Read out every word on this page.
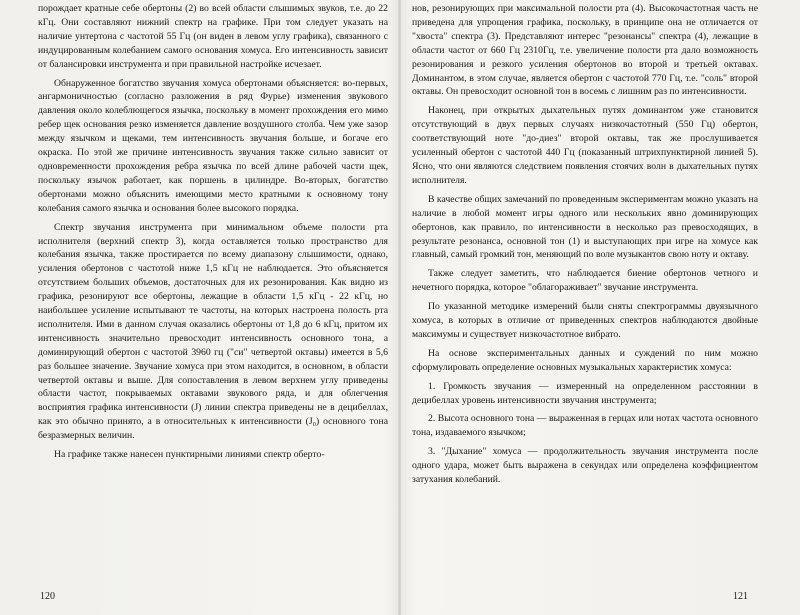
порождает кратные себе обертоны (2) во всей области слышимых звуков, т.е. до 22 кГц. Они составляют нижний спектр на графике. При том следует указать на наличие унтертона с частотой 55 Гц (он виден в левом углу графика), связанного с индуцированным колебанием самого основания хомуса. Его интенсивность зависит от балансировки инструмента и при правильной настройке исчезает.

Обнаруженное богатство звучания хомуса обертонами объясняется: во-первых, ангармоничностью (согласно разложения в ряд Фурье) изменения звукового давления около колеблющегося язычка, поскольку в момент прохождения его мимо ребер щек основания резко изменяется давление воздушного столба. Чем уже зазор между язычком и щеками, тем интенсивность звучания больше, и богаче его окраска. По этой же причине интенсивность звучания также сильно зависит от одновременности прохождения ребра язычка по всей длине рабочей части щек, поскольку язычок работает, как поршень в цилиндре. Во-вторых, богатство обертонами можно объяснить имеющими место кратными к основному тону колебания самого язычка и основания более высокого порядка.

Спектр звучания инструмента при минимальном объеме полости рта исполнителя (верхний спектр 3), когда оставляется только пространство для колебания язычка, также простирается по всему диапазону слышимости, однако, усиления обертонов с частотой ниже 1,5 кГц не наблюдается. Это объясняется отсутствием больших объемов, достаточных для их резонирования. Как видно из графика, резонируют все обертоны, лежащие в области 1,5 кГц - 22 кГц, но наибольшее усиление испытывают те частоты, на которых настроена полость рта исполнителя. Ими в данном случая оказались обертоны от 1,8 до 6 кГц, притом их интенсивность значительно превосходит интенсивность основного тона, а доминирующий обертон с частотой 3960 гц ("си" четвертой октавы) имеется в 5,6 раз большее значение. Звучание хомуса при этом находится, в основном, в области четвертой октавы и выше. Для сопоставления в левом верхнем углу приведены области частот, покрываемых октавами звукового ряда, и для облегчения восприятия графика интенсивности (J) линии спектра приведены не в децибеллах, как это обычно принято, а в относительных к интенсивности (J₀) основного тона безразмерных величин.

На графике также нанесен пунктирными линиями спектр оберто-

120

нов, резонирующих при максимальной полости рта (4). Высокочастотная часть не приведена для упрощения графика, поскольку, в принципе она не отличается от "хвоста" спектра (3). Представляют интерес "резонансы" спектра (4), лежащие в области частот от 660 Гц 2310Гц, т.е. увеличение полости рта дало возможность резонирования и резкого усиления обертонов во второй и третьей октавах. Доминантом, в этом случае, является обертон с частотой 770 Гц, т.е. "соль" второй октавы. Он превосходит основной тон в восемь с лишним раз по интенсивности.

Наконец, при открытых дыхательных путях доминантом уже становится отсутствующий в двух первых случаях низкочастотный (550 Гц) обертон, соответствующий ноте "до-диез" второй октавы, так же прослушивается усиленный обертон с частотой 440 Гц (показанный штрихпунктирной линией 5). Ясно, что они являются следствием появления стоячих волн в дыхательных путях исполнителя.

В качестве общих замечаний по проведенным экспериментам можно указать на наличие в любой момент игры одного или нескольких явно доминирующих обертонов, как правило, по интенсивности в несколько раз превосходящих, в результате резонанса, основной тон (1) и выступающих при игре на хомусе как главный, самый громкий тон, меняющий по воле музыкантов свою ноту и октаву.

Также следует заметить, что наблюдается биение обертонов четного и нечетного порядка, которое "облагораживает" звучание инструмента.

По указанной методике измерений были сняты спектрограммы двуязычного хомуса, в которых в отличие от приведенных спектров наблюдаются двойные максимумы и существует низкочастотное вибрато.

На основе экспериментальных данных и суждений по ним можно сформулировать определение основных музыкальных характеристик хомуса:

1. Громкость звучания — измеренный на определенном расстоянии в децибеллах уровень интенсивности звучания инструмента;

2. Высота основного тона — выраженная в герцах или нотах частота основного тона, издаваемого язычком;

3. "Дыхание" хомуса — продолжительность звучания инструмента после одного удара, может быть выражена в секундах или определена коэффициентом затухания колебаний.

121
